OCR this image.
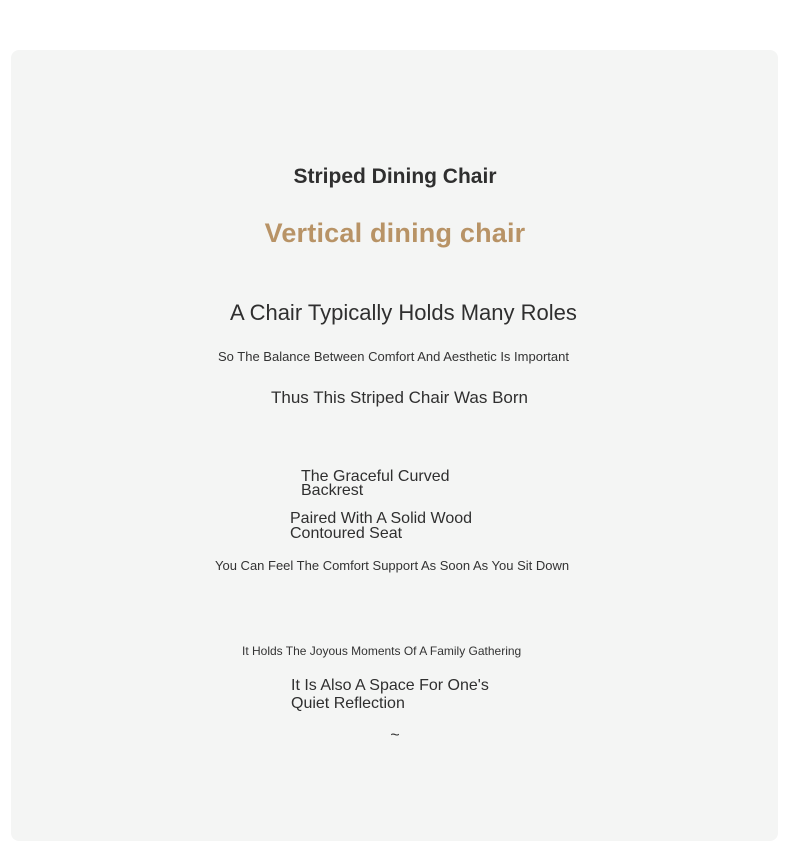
Striped Dining Chair
Vertical dining chair

A Chair Typically Holds Many Roles

So The Balance Between Comfort And Aesthetic Is Important

Thus This Striped Chair Was Born

The Graceful Curved Backrest

Paired With A Solid Wood Contoured Seat

You Can Feel The Comfort Support As Soon As You Sit Down

It Holds The Joyous Moments Of A Family Gathering

It Is Also A Space For One's Quiet Reflection

~
